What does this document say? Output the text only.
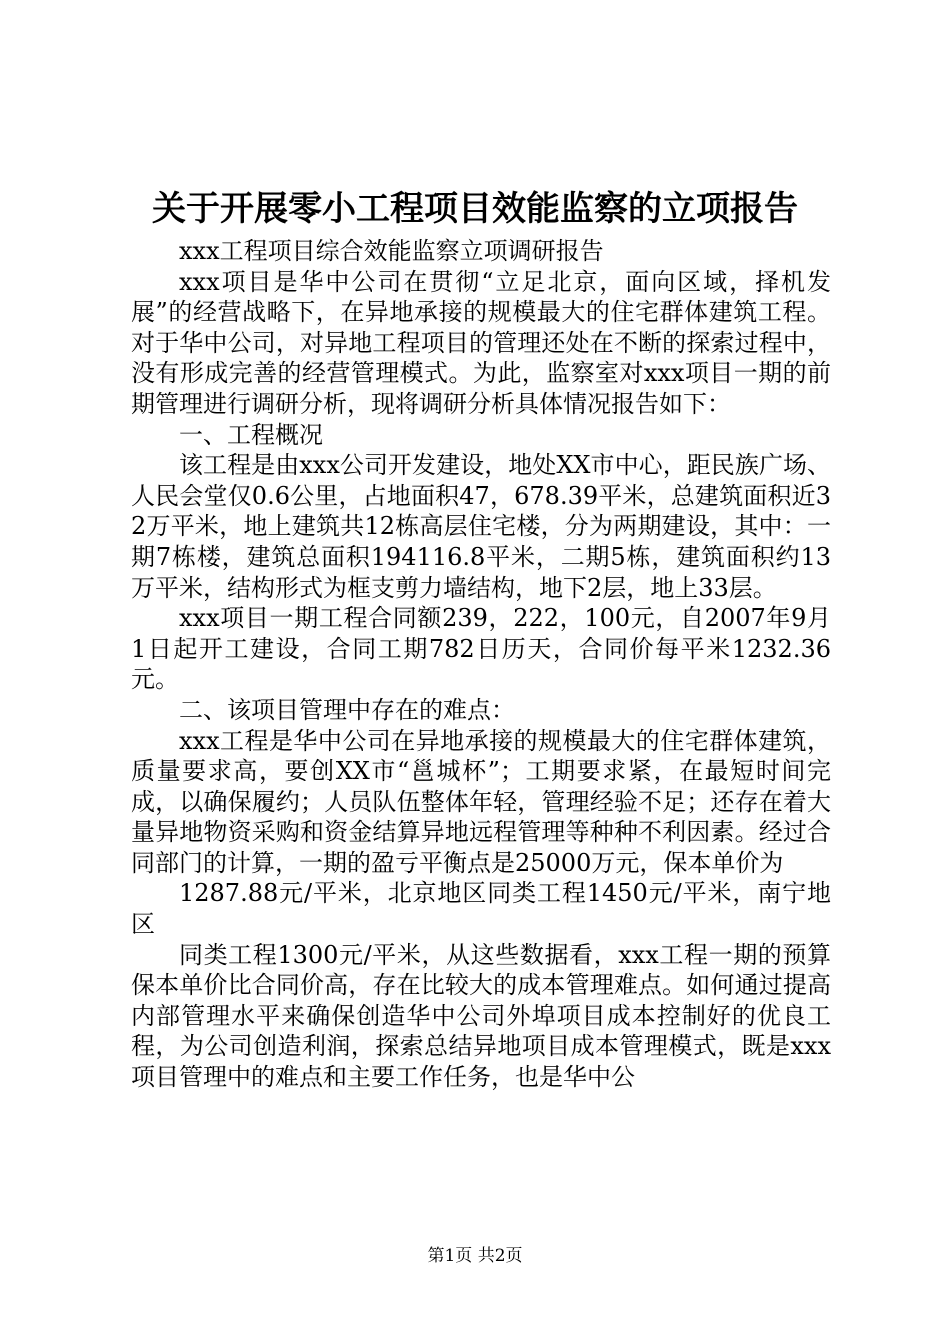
关于开展零小工程项目效能监察的立项报告

xxx工程项目综合效能监察立项调研报告

xxx项目是华中公司在贯彻“立足北京，面向区域，择机发展”的经营战略下，在异地承接的规模最大的住宅群体建筑工程。对于华中公司，对异地工程项目的管理还处在不断的探索过程中，没有形成完善的经营管理模式。为此，监察室对xxx项目一期的前期管理进行调研分析，现将调研分析具体情况报告如下：

一、工程概况

该工程是由xxx公司开发建设，地处XX市中心，距民族广场、人民会堂仅0.6公里，占地面积47，678.39平米，总建筑面积近32万平米，地上建筑共12栋高层住宅楼，分为两期建设，其中：一期7栋楼，建筑总面积194116.8平米，二期5栋，建筑面积约13万平米，结构形式为框支剪力墙结构，地下2层，地上33层。

xxx项目一期工程合同额239，222，100元，自2007年9月1日起开工建设，合同工期782日历天，合同价每平米1232.36元。

二、该项目管理中存在的难点：

xxx工程是华中公司在异地承接的规模最大的住宅群体建筑，质量要求高，要创XX市“邕城杯”；工期要求紧，在最短时间完成，以确保履约；人员队伍整体年轻，管理经验不足；还存在着大量异地物资采购和资金结算异地远程管理等种种不利因素。经过合同部门的计算，一期的盈亏平衡点是25000万元，保本单价为

1287.88元/平米，北京地区同类工程1450元/平米，南宁地区

同类工程1300元/平米，从这些数据看，xxx工程一期的预算保本单价比合同价高，存在比较大的成本管理难点。如何通过提高内部管理水平来确保创造华中公司外埠项目成本控制好的优良工程，为公司创造利润，探索总结异地项目成本管理模式，既是xxx项目管理中的难点和主要工作任务，也是华中公

第1页 共2页
